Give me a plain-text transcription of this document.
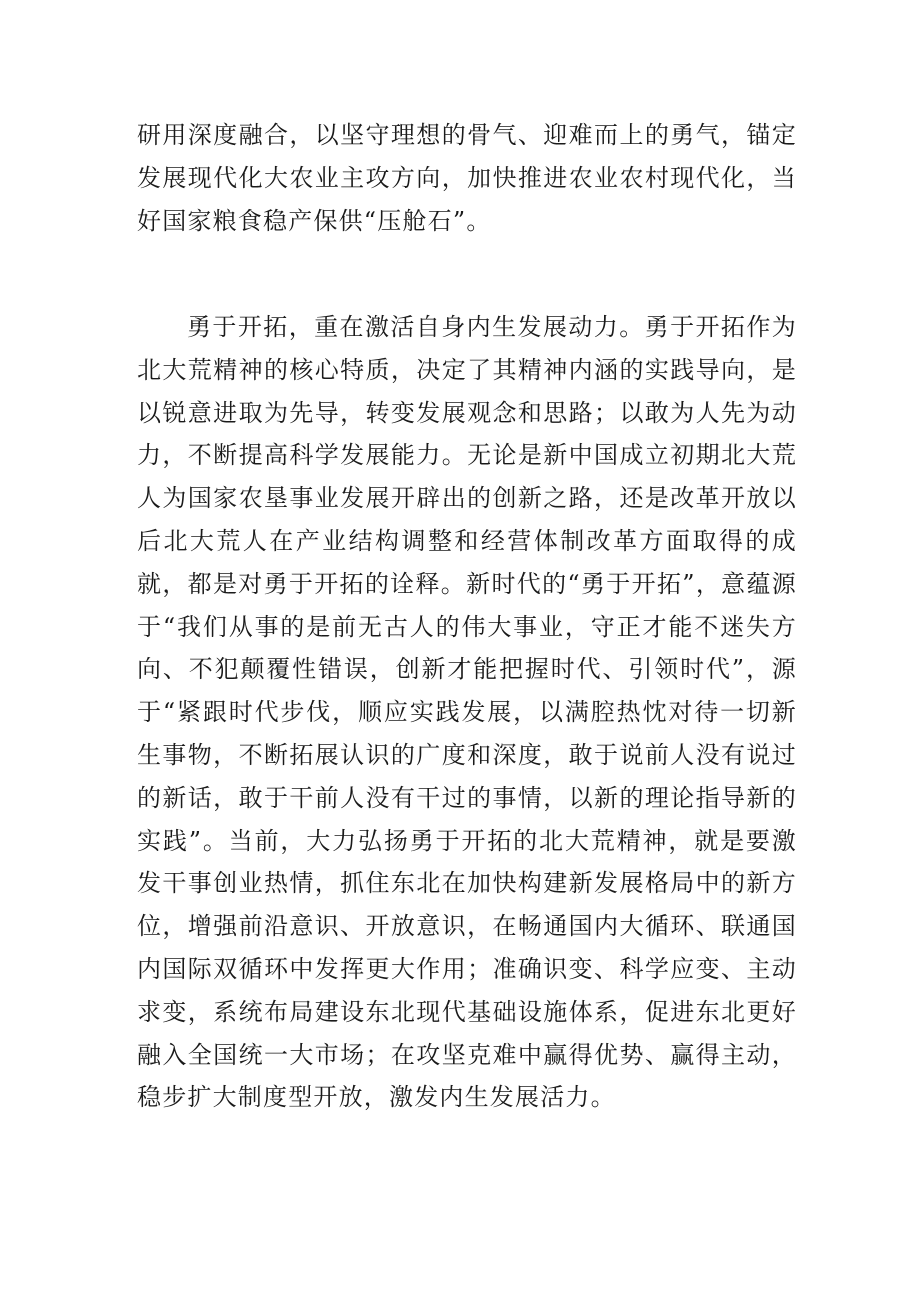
研用深度融合，以坚守理想的骨气、迎难而上的勇气，锚定发展现代化大农业主攻方向，加快推进农业农村现代化，当好国家粮食稳产保供“压舱石”。

勇于开拓，重在激活自身内生发展动力。勇于开拓作为北大荒精神的核心特质，决定了其精神内涵的实践导向，是以锐意进取为先导，转变发展观念和思路；以敢为人先为动力，不断提高科学发展能力。无论是新中国成立初期北大荒人为国家农垦事业发展开辟出的创新之路，还是改革开放以后北大荒人在产业结构调整和经营体制改革方面取得的成就，都是对勇于开拓的诠释。新时代的“勇于开拓”，意蕴源于“我们从事的是前无古人的伟大事业，守正才能不迷失方向、不犯颠覆性错误，创新才能把握时代、引领时代”，源于“紧跟时代步伐，顺应实践发展，以满腔热忱对待一切新生事物，不断拓展认识的广度和深度，敢于说前人没有说过的新话，敢于干前人没有干过的事情，以新的理论指导新的实践”。当前，大力弘扬勇于开拓的北大荒精神，就是要激发干事创业热情，抓住东北在加快构建新发展格局中的新方位，增强前沿意识、开放意识，在畅通国内大循环、联通国内国际双循环中发挥更大作用；准确识变、科学应变、主动求变，系统布局建设东北现代基础设施体系，促进东北更好融入全国统一大市场；在攻坚克难中赢得优势、赢得主动，稳步扩大制度型开放，激发内生发展活力。
